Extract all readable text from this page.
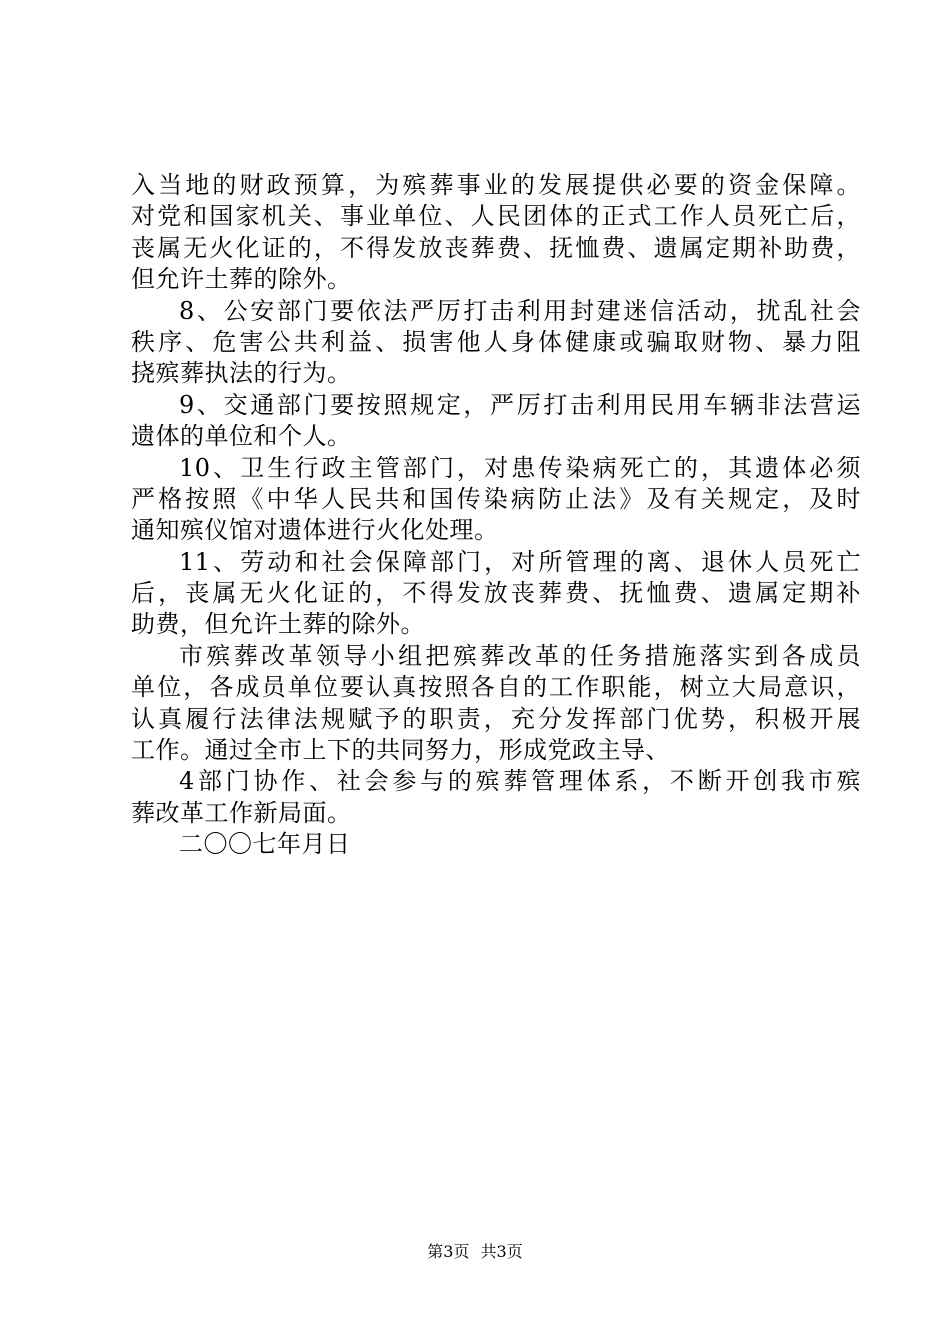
入当地的财政预算，为殡葬事业的发展提供必要的资金保障。
对党和国家机关、事业单位、人民团体的正式工作人员死亡后，
丧属无火化证的，不得发放丧葬费、抚恤费、遗属定期补助费，
但允许土葬的除外。
8、公安部门要依法严厉打击利用封建迷信活动，扰乱社会
秩序、危害公共利益、损害他人身体健康或骗取财物、暴力阻
挠殡葬执法的行为。
9、交通部门要按照规定，严厉打击利用民用车辆非法营运
遗体的单位和个人。
10、卫生行政主管部门，对患传染病死亡的，其遗体必须
严格按照《中华人民共和国传染病防止法》及有关规定，及时
通知殡仪馆对遗体进行火化处理。
11、劳动和社会保障部门，对所管理的离、退休人员死亡
后，丧属无火化证的，不得发放丧葬费、抚恤费、遗属定期补
助费，但允许土葬的除外。
市殡葬改革领导小组把殡葬改革的任务措施落实到各成员
单位，各成员单位要认真按照各自的工作职能，树立大局意识，
认真履行法律法规赋予的职责，充分发挥部门优势，积极开展
工作。通过全市上下的共同努力，形成党政主导、
4部门协作、社会参与的殡葬管理体系，不断开创我市殡
葬改革工作新局面。
二〇〇七年月日
第3页 共3页
